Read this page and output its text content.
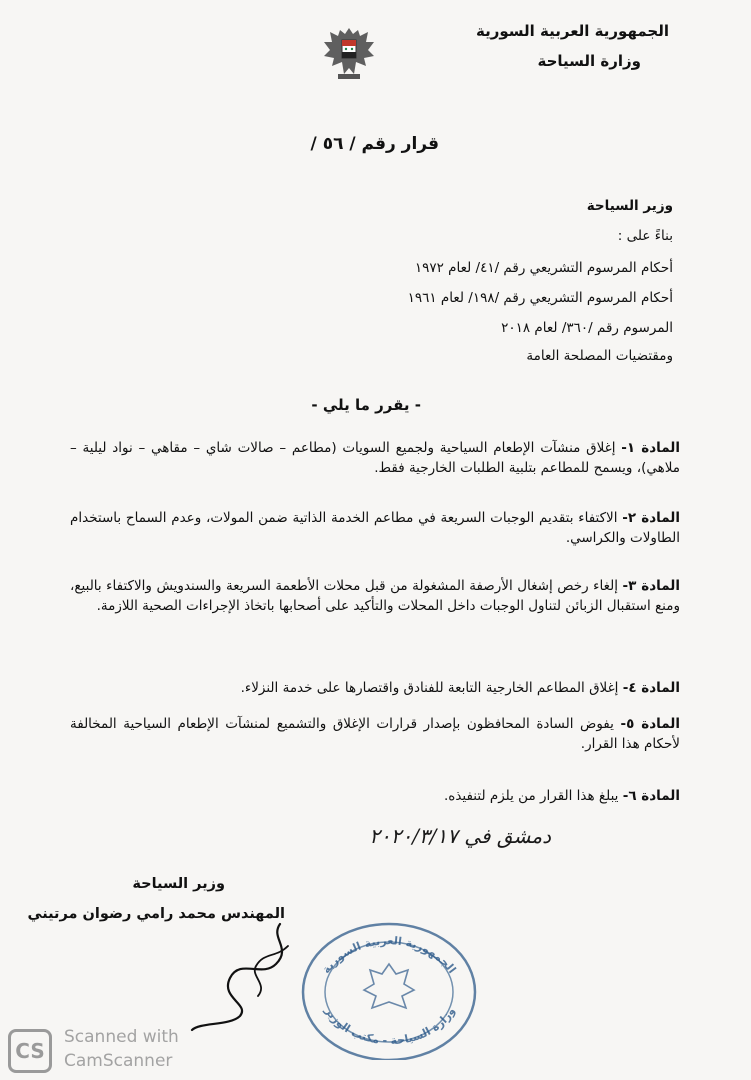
الجمهورية العربية السورية
وزارة السياحة
قرار رقم / ٥٦ /
وزير السياحة
بناءً على :
أحكام المرسوم التشريعي رقم /٤١/ لعام ١٩٧٢
أحكام المرسوم التشريعي رقم /١٩٨/ لعام ١٩٦١
المرسوم رقم /٣٦٠/ لعام ٢٠١٨
ومقتضيات المصلحة العامة
- يقرر ما يلي -
المادة ١- إغلاق منشآت الإطعام السياحية ولجميع السويات (مطاعم – صالات شاي – مقاهي – نواد ليلية – ملاهي)، ويسمح للمطاعم بتلبية الطلبات الخارجية فقط.
المادة ٢- الاكتفاء بتقديم الوجبات السريعة في مطاعم الخدمة الذاتية ضمن المولات، وعدم السماح باستخدام الطاولات والكراسي.
المادة ٣- إلغاء رخص إشغال الأرصفة المشغولة من قبل محلات الأطعمة السريعة والسندويش والاكتفاء بالبيع، ومنع استقبال الزبائن لتناول الوجبات داخل المحلات والتأكيد على أصحابها باتخاذ الإجراءات الصحية اللازمة.
المادة ٤- إغلاق المطاعم الخارجية التابعة للفنادق واقتصارها على خدمة النزلاء.
المادة ٥- يفوض السادة المحافظون بإصدار قرارات الإغلاق والتشميع لمنشآت الإطعام السياحية المخالفة لأحكام هذا القرار.
المادة ٦- يبلغ هذا القرار من يلزم لتنفيذه.
دمشق في ٢٠٢٠/٣/١٧
وزير السياحة
المهندس محمد رامي رضوان مرتيني
الجمهورية العربية السورية
وزارة السياحة - مكتب الوزير
CS
Scanned with
CamScanner
